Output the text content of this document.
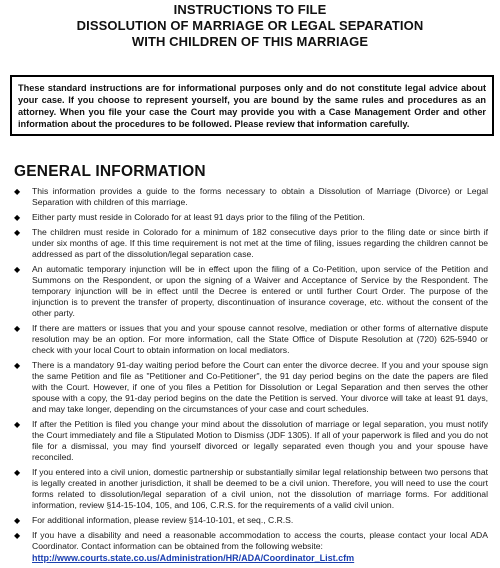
INSTRUCTIONS TO FILE
DISSOLUTION OF MARRIAGE OR LEGAL SEPARATION
WITH CHILDREN OF THIS MARRIAGE
These standard instructions are for informational purposes only and do not constitute legal advice about your case. If you choose to represent yourself, you are bound by the same rules and procedures as an attorney. When you file your case the Court may provide you with a Case Management Order and other information about the procedures to be followed. Please review that information carefully.
GENERAL INFORMATION
◆ This information provides a guide to the forms necessary to obtain a Dissolution of Marriage (Divorce) or Legal Separation with children of this marriage.
◆ Either party must reside in Colorado for at least 91 days prior to the filing of the Petition.
◆ The children must reside in Colorado for a minimum of 182 consecutive days prior to the filing date or since birth if under six months of age. If this time requirement is not met at the time of filing, issues regarding the children cannot be addressed as part of the dissolution/legal separation case.
◆ An automatic temporary injunction will be in effect upon the filing of a Co-Petition, upon service of the Petition and Summons on the Respondent, or upon the signing of a Waiver and Acceptance of Service by the Respondent. The temporary injunction will be in effect until the Decree is entered or until further Court Order. The purpose of the injunction is to prevent the transfer of property, discontinuation of insurance coverage, etc. without the consent of the other party.
◆ If there are matters or issues that you and your spouse cannot resolve, mediation or other forms of alternative dispute resolution may be an option. For more information, call the State Office of Dispute Resolution at (720) 625-5940 or check with your local Court to obtain information on local mediators.
◆ There is a mandatory 91-day waiting period before the Court can enter the divorce decree. If you and your spouse sign the same Petition and file as "Petitioner and Co-Petitioner", the 91 day period begins on the date the papers are filed with the Court. However, if one of you files a Petition for Dissolution or Legal Separation and then serves the other spouse with a copy, the 91-day period begins on the date the Petition is served. Your divorce will take at least 91 days, and may take longer, depending on the circumstances of your case and court schedules.
◆ If after the Petition is filed you change your mind about the dissolution of marriage or legal separation, you must notify the Court immediately and file a Stipulated Motion to Dismiss (JDF 1305). If all of your paperwork is filed and you do not file for a dismissal, you may find yourself divorced or legally separated even though you and your spouse have reconciled.
◆ If you entered into a civil union, domestic partnership or substantially similar legal relationship between two persons that is legally created in another jurisdiction, it shall be deemed to be a civil union. Therefore, you will need to use the court forms related to dissolution/legal separation of a civil union, not the dissolution of marriage forms. For additional information, review §14-15-104, 105, and 106, C.R.S. for the requirements of a valid civil union.
◆ For additional information, please review §14-10-101, et seq., C.R.S.
◆ If you have a disability and need a reasonable accommodation to access the courts, please contact your local ADA Coordinator. Contact information can be obtained from the following website:
http://www.courts.state.co.us/Administration/HR/ADA/Coordinator_List.cfm
